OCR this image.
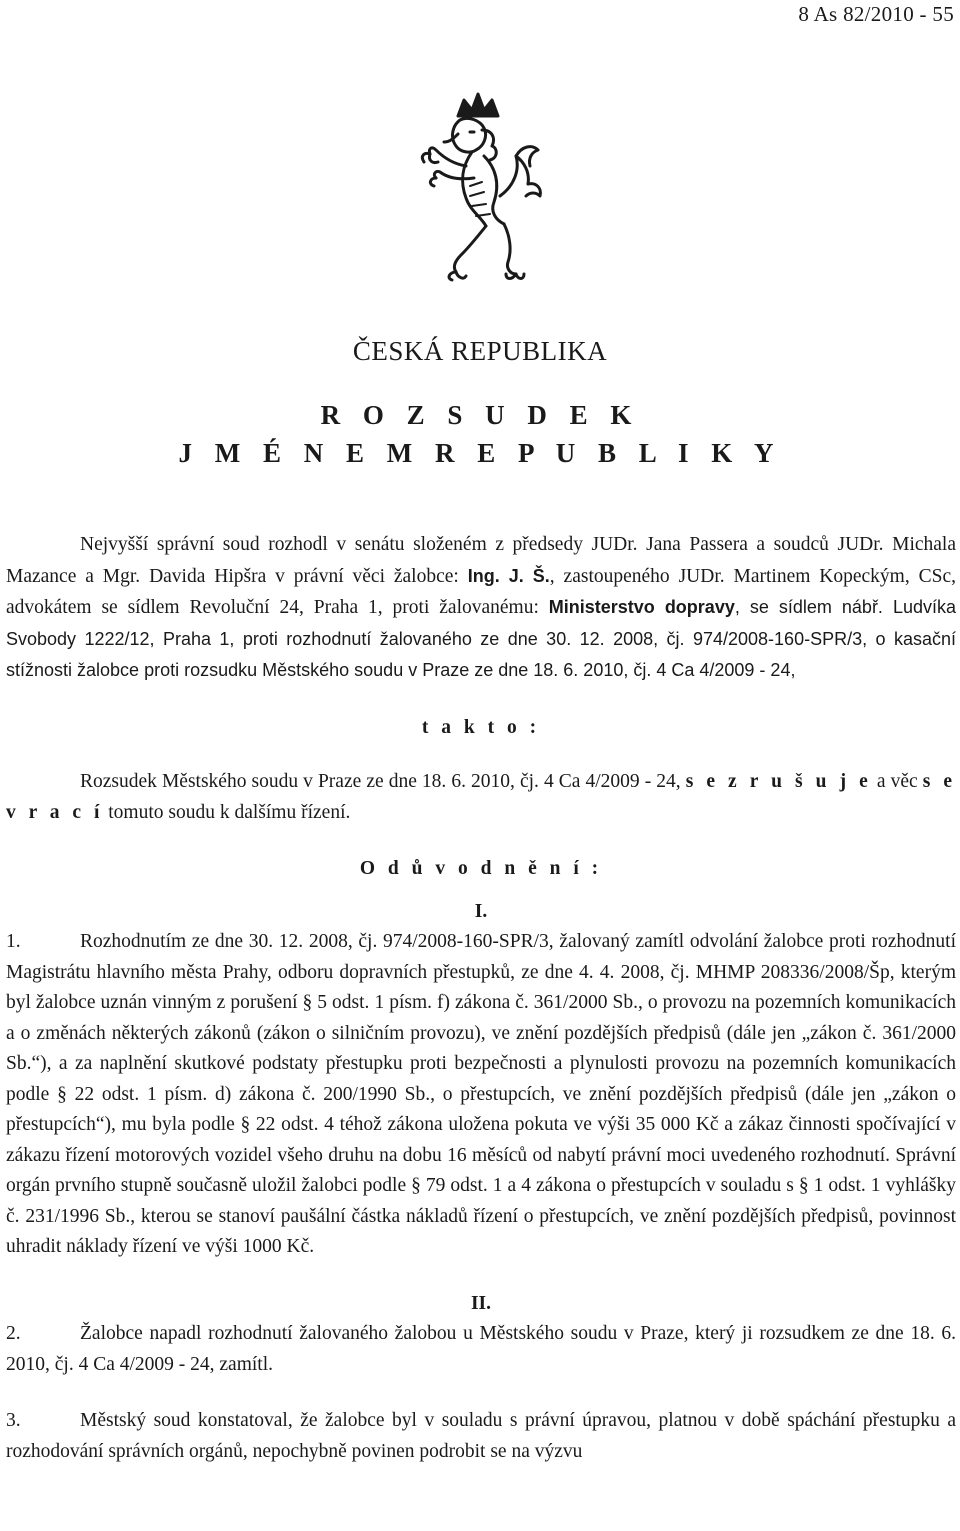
8 As 82/2010 - 55
ČESKÁ REPUBLIKA
R O Z S U D E K
J M É N E M R E P U B L I K Y

Nejvyšší správní soud rozhodl v senátu složeném z předsedy JUDr. Jana Passera a soudců JUDr. Michala Mazance a Mgr. Davida Hipšra v právní věci žalobce: Ing. J. Š., zastoupeného JUDr. Martinem Kopeckým, CSc, advokátem se sídlem Revoluční 24, Praha 1, proti žalovanému: Ministerstvo dopravy, se sídlem nábř. Ludvíka Svobody 1222/12, Praha 1, proti rozhodnutí žalovaného ze dne 30. 12. 2008, čj. 974/2008-160-SPR/3, o kasační stížnosti žalobce proti rozsudku Městského soudu v Praze ze dne 18. 6. 2010, čj. 4 Ca 4/2009 - 24,

t a k t o :

Rozsudek Městského soudu v Praze ze dne 18. 6. 2010, čj. 4 Ca 4/2009 - 24, s e z r u š u j e a věc s e v r a c í tomuto soudu k dalšímu řízení.

O d ů v o d n ě n í :

I.

1.	Rozhodnutím ze dne 30. 12. 2008, čj. 974/2008-160-SPR/3, žalovaný zamítl odvolání žalobce proti rozhodnutí Magistrátu hlavního města Prahy, odboru dopravních přestupků, ze dne 4. 4. 2008, čj. MHMP 208336/2008/Šp, kterým byl žalobce uznán vinným z porušení § 5 odst. 1 písm. f) zákona č. 361/2000 Sb., o provozu na pozemních komunikacích a o změnách některých zákonů (zákon o silničním provozu), ve znění pozdějších předpisů (dále jen „zákon č. 361/2000 Sb.“), a za naplnění skutkové podstaty přestupku proti bezpečnosti a plynulosti provozu na pozemních komunikacích podle § 22 odst. 1 písm. d) zákona č. 200/1990 Sb., o přestupcích, ve znění pozdějších předpisů (dále jen „zákon o přestupcích“), mu byla podle § 22 odst. 4 téhož zákona uložena pokuta ve výši 35 000 Kč a zákaz činnosti spočívající v zákazu řízení motorových vozidel všeho druhu na dobu 16 měsíců od nabytí právní moci uvedeného rozhodnutí. Správní orgán prvního stupně současně uložil žalobci podle § 79 odst. 1 a 4 zákona o přestupcích v souladu s § 1 odst. 1 vyhlášky č. 231/1996 Sb., kterou se stanoví paušální částka nákladů řízení o přestupcích, ve znění pozdějších předpisů, povinnost uhradit náklady řízení ve výši 1000 Kč.

II.

2.	Žalobce napadl rozhodnutí žalovaného žalobou u Městského soudu v Praze, který ji rozsudkem ze dne 18. 6. 2010, čj. 4 Ca 4/2009 - 24, zamítl.

3.	Městský soud konstatoval, že žalobce byl v souladu s právní úpravou, platnou v době spáchání přestupku a rozhodování správních orgánů, nepochybně povinen podrobit se na výzvu
